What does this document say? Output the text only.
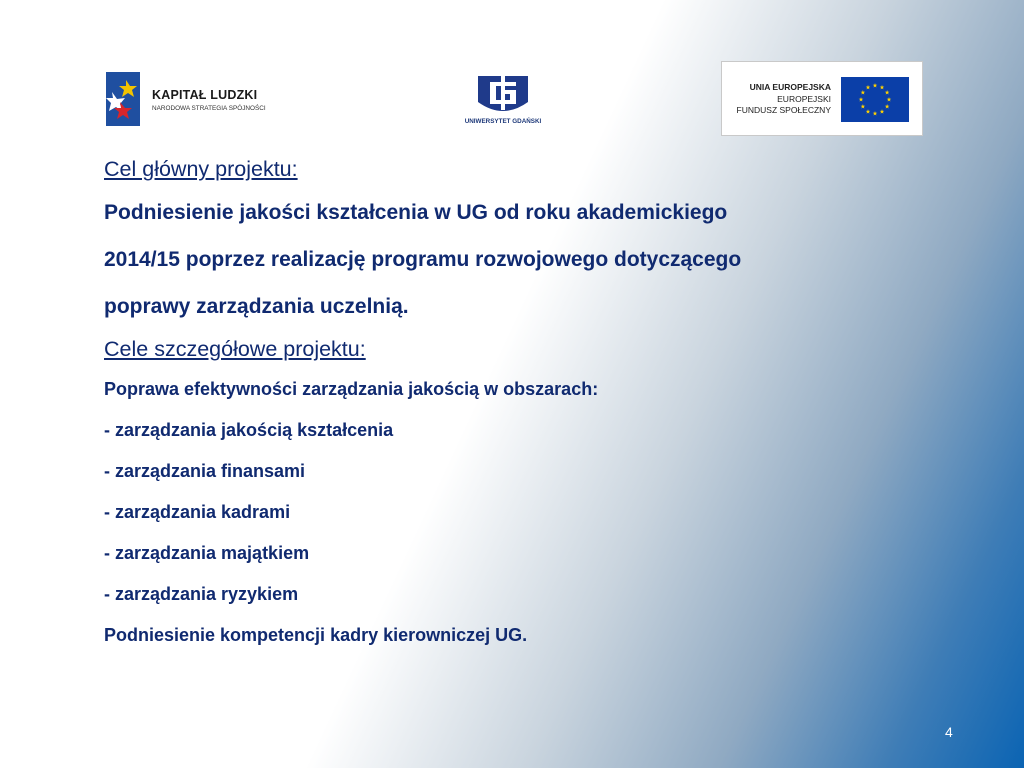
KAPITAŁ LUDZKI
NARODOWA STRATEGIA SPÓJNOŚCI
UNIWERSYTET GDAŃSKI
UNIA EUROPEJSKA
EUROPEJSKI
FUNDUSZ SPOŁECZNY
Cel główny projektu:
Podniesienie jakości kształcenia w UG od roku akademickiego
2014/15 poprzez realizację programu rozwojowego dotyczącego
poprawy zarządzania uczelnią.
Cele szczegółowe projektu:
Poprawa efektywności zarządzania jakością w obszarach:
- zarządzania jakością kształcenia
- zarządzania finansami
- zarządzania kadrami
- zarządzania majątkiem
- zarządzania ryzykiem
Podniesienie kompetencji kadry kierowniczej UG.
4
